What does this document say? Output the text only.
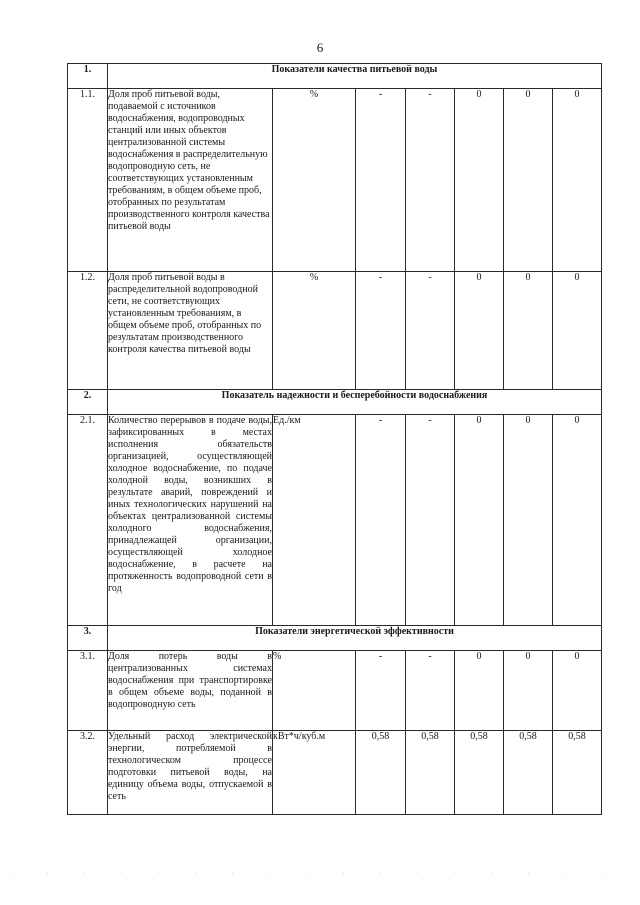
6
1.	Показатели качества питьевой воды						
1.1.	Доля проб питьевой воды, подаваемой с источников водоснабжения, водопроводных станций или иных объектов централизованной системы водоснабжения в распределительную водопроводную сеть, не соответствующих установленным требованиям, в общем объеме проб, отобранных по результатам производственного контроля качества питьевой воды	%	-	-	0	0	0
1.2.	Доля проб питьевой воды в распределительной водопроводной сети, не соответствующих установленным требованиям, в общем объеме проб, отобранных по результатам производственного контроля качества питьевой воды	%	-	-	0	0	0
2.	Показатель надежности и бесперебойности водоснабжения						
2.1.	Количество перерывов в подаче воды, зафиксированных в местах исполнения обязательств организацией, осуществляющей холодное водоснабжение, по подаче холодной воды, возникших в результате аварий, повреждений и иных технологических нарушений на объектах централизованной системы холодного водоснабжения, принадлежащей организации, осуществляющей холодное водоснабжение, в расчете на протяженность водопроводной сети в год	Ед./км	-	-	0	0	0
3.	Показатели энергетической эффективности						
3.1.	Доля потерь воды в централизованных системах водоснабжения при транспортировке в общем объеме воды, поданной в водопроводную сеть	%	-	-	0	0	0
3.2.	Удельный расход электрической энергии, потребляемой в технологическом процессе подготовки питьевой воды, на единицу объема воды, отпускаемой в сеть	кВт*ч/куб.м	0,58	0,58	0,58	0,58	0,58
